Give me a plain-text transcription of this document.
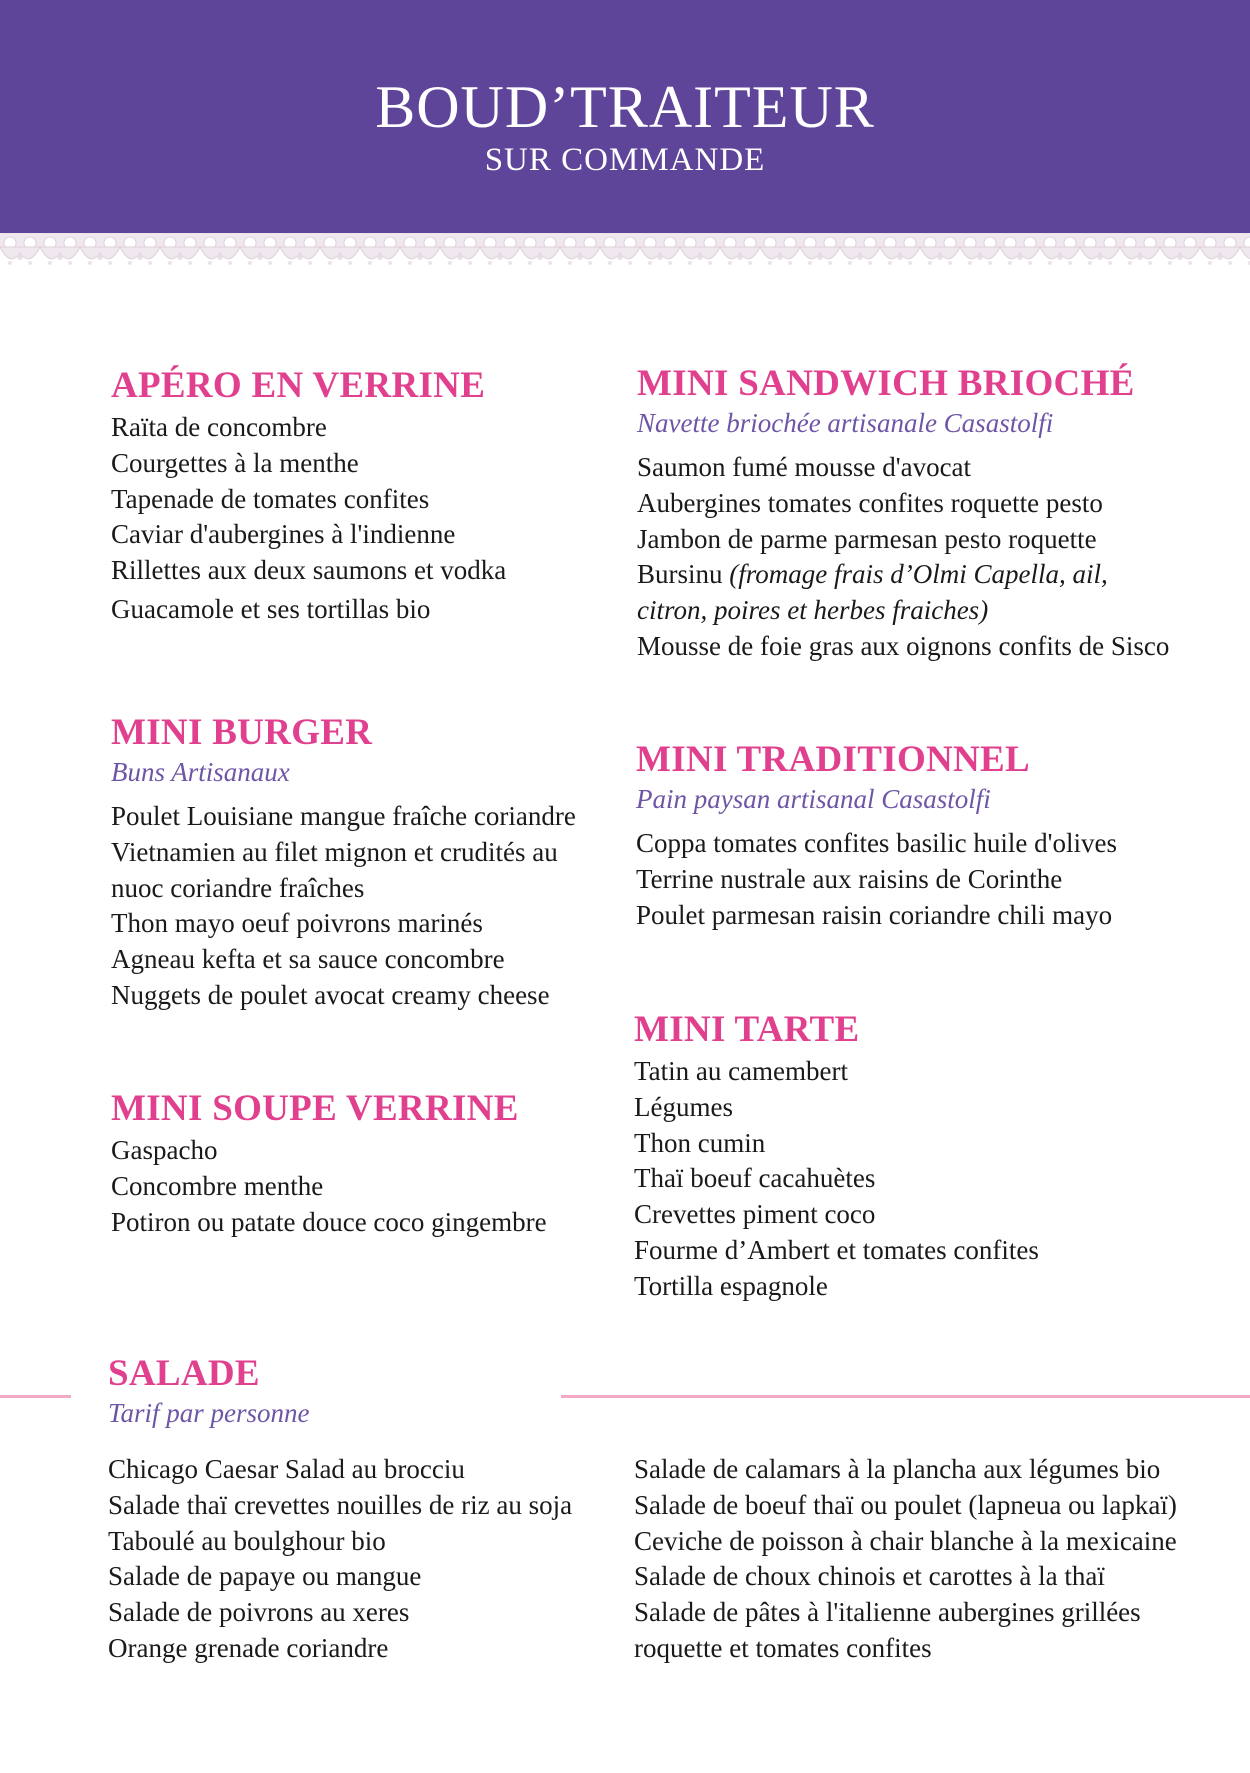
BOUD’TRAITEUR
SUR COMMANDE
APÉRO EN VERRINE
Raïta de concombre
Courgettes à la menthe
Tapenade de tomates confites
Caviar d'aubergines à l'indienne
Rillettes aux deux saumons et vodka
Guacamole et ses tortillas bio
MINI SANDWICH BRIOCHÉ
Navette briochée artisanale Casastolfi
Saumon fumé mousse d'avocat
Aubergines tomates confites roquette pesto
Jambon de parme parmesan pesto roquette
Bursinu (fromage frais d’Olmi Capella, ail,
citron, poires et herbes fraiches)
Mousse de foie gras aux oignons confits de Sisco
MINI BURGER
Buns Artisanaux
Poulet Louisiane mangue fraîche coriandre
Vietnamien au filet mignon et crudités au
nuoc coriandre fraîches
Thon mayo oeuf poivrons marinés
Agneau kefta et sa sauce concombre
Nuggets de poulet avocat creamy cheese
MINI TRADITIONNEL
Pain paysan artisanal Casastolfi
Coppa tomates confites basilic huile d'olives
Terrine nustrale aux raisins de Corinthe
Poulet parmesan raisin coriandre chili mayo
MINI TARTE
Tatin au camembert
Légumes
Thon cumin
Thaï boeuf cacahuètes
Crevettes piment coco
Fourme d’Ambert et tomates confites
Tortilla espagnole
MINI SOUPE VERRINE
Gaspacho
Concombre menthe
Potiron ou patate douce coco gingembre
SALADE
Tarif par personne
Chicago Caesar Salad au brocciu
Salade thaï crevettes nouilles de riz au soja
Taboulé au boulghour bio
Salade de papaye ou mangue
Salade de poivrons au xeres
Orange grenade coriandre
Salade de calamars à la plancha aux légumes bio
Salade de boeuf thaï ou poulet (lapneua ou lapkaï)
Ceviche de poisson à chair blanche à la mexicaine
Salade de choux chinois et carottes à la thaï
Salade de pâtes à l'italienne aubergines grillées
roquette et tomates confites
